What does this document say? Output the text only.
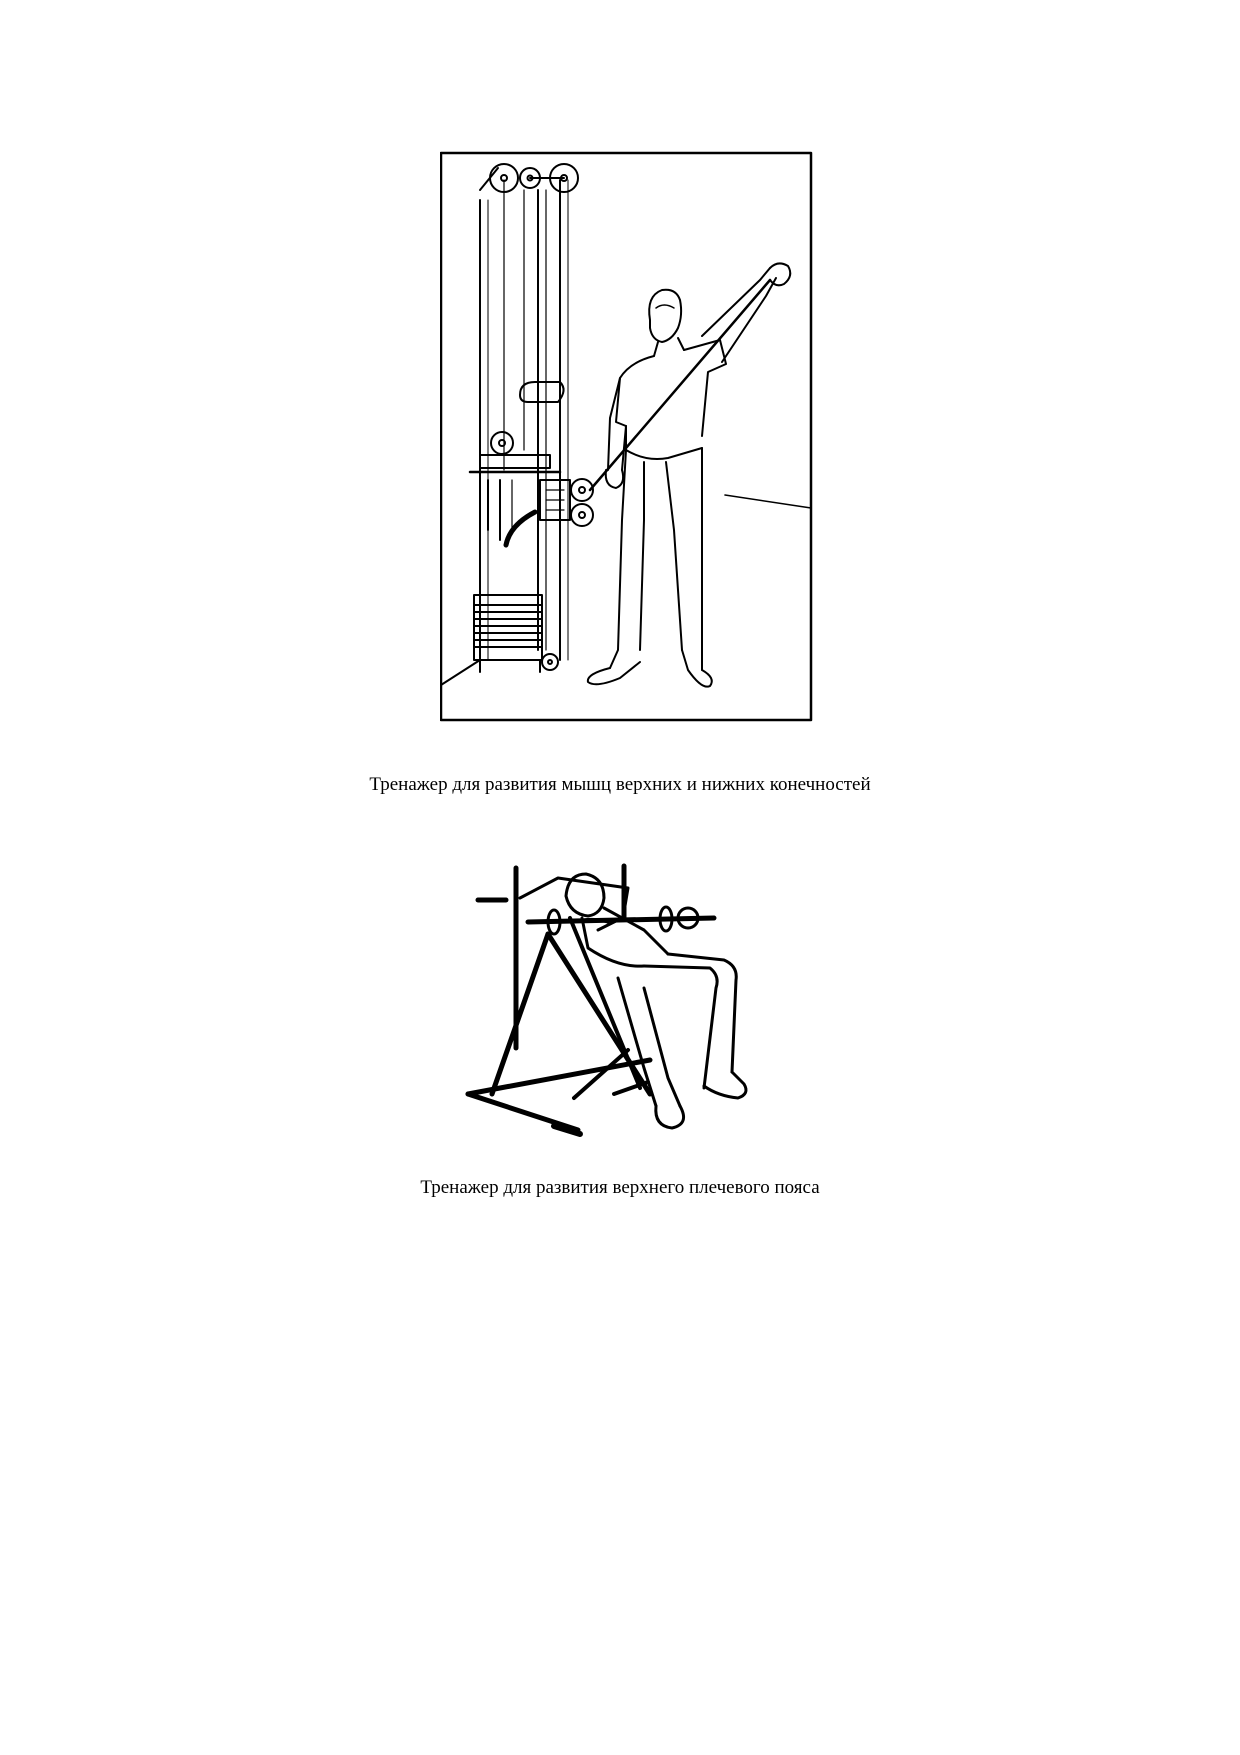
Тренажер для развития мышц верхних и нижних конечностей
Тренажер для развития верхнего плечевого пояса
